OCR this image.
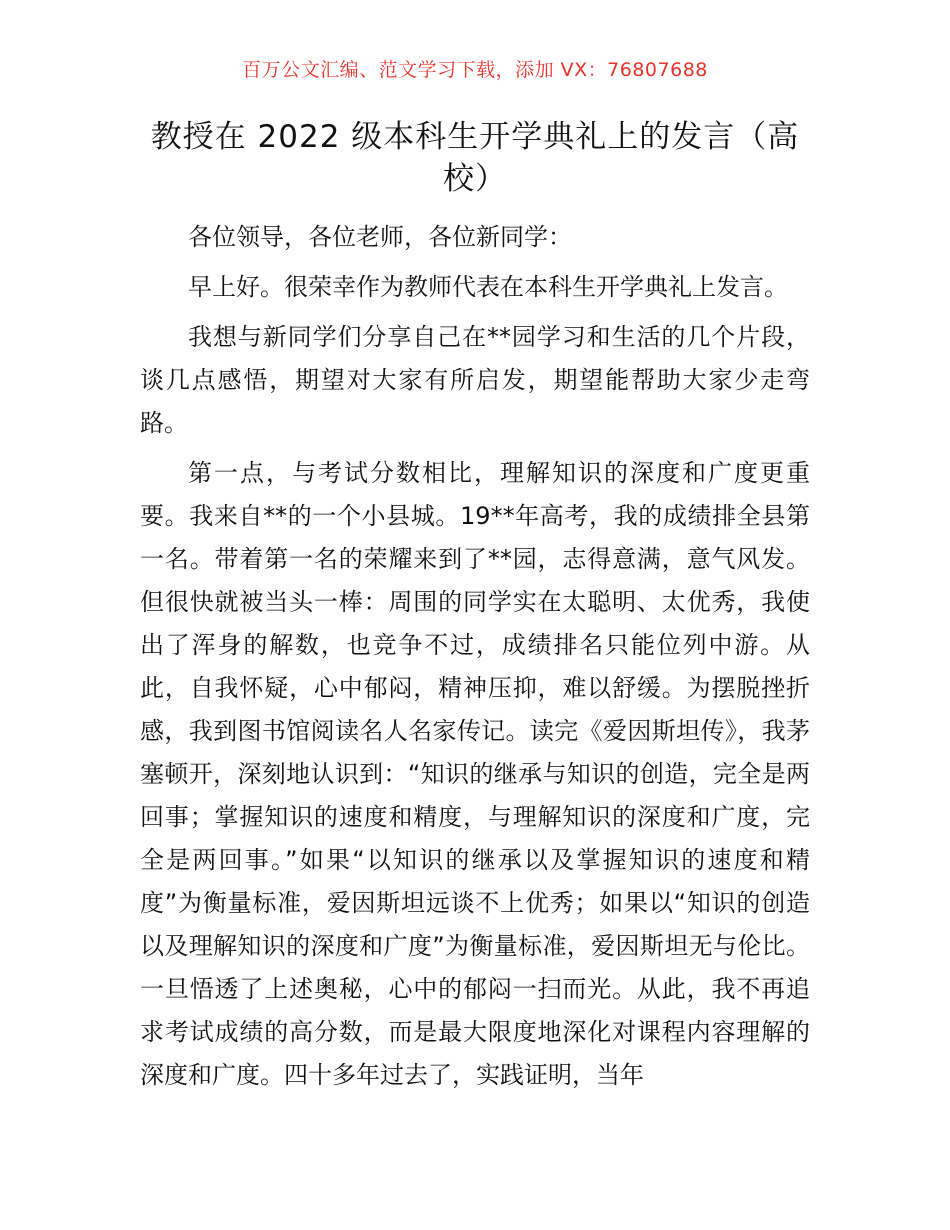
百万公文汇编、范文学习下载，添加 VX：76807688
教授在 2022 级本科生开学典礼上的发言（高校）

各位领导，各位老师，各位新同学：

早上好。很荣幸作为教师代表在本科生开学典礼上发言。

我想与新同学们分享自己在**园学习和生活的几个片段，谈几点感悟，期望对大家有所启发，期望能帮助大家少走弯路。

第一点，与考试分数相比，理解知识的深度和广度更重要。我来自**的一个小县城。19**年高考，我的成绩排全县第一名。带着第一名的荣耀来到了**园，志得意满，意气风发。但很快就被当头一棒：周围的同学实在太聪明、太优秀，我使出了浑身的解数，也竞争不过，成绩排名只能位列中游。从此，自我怀疑，心中郁闷，精神压抑，难以舒缓。为摆脱挫折感，我到图书馆阅读名人名家传记。读完《爱因斯坦传》，我茅塞顿开，深刻地认识到：“知识的继承与知识的创造，完全是两回事；掌握知识的速度和精度，与理解知识的深度和广度，完全是两回事。”如果“以知识的继承以及掌握知识的速度和精度”为衡量标准，爱因斯坦远谈不上优秀；如果以“知识的创造以及理解知识的深度和广度”为衡量标准，爱因斯坦无与伦比。一旦悟透了上述奥秘，心中的郁闷一扫而光。从此，我不再追求考试成绩的高分数，而是最大限度地深化对课程内容理解的深度和广度。四十多年过去了，实践证明，当年
